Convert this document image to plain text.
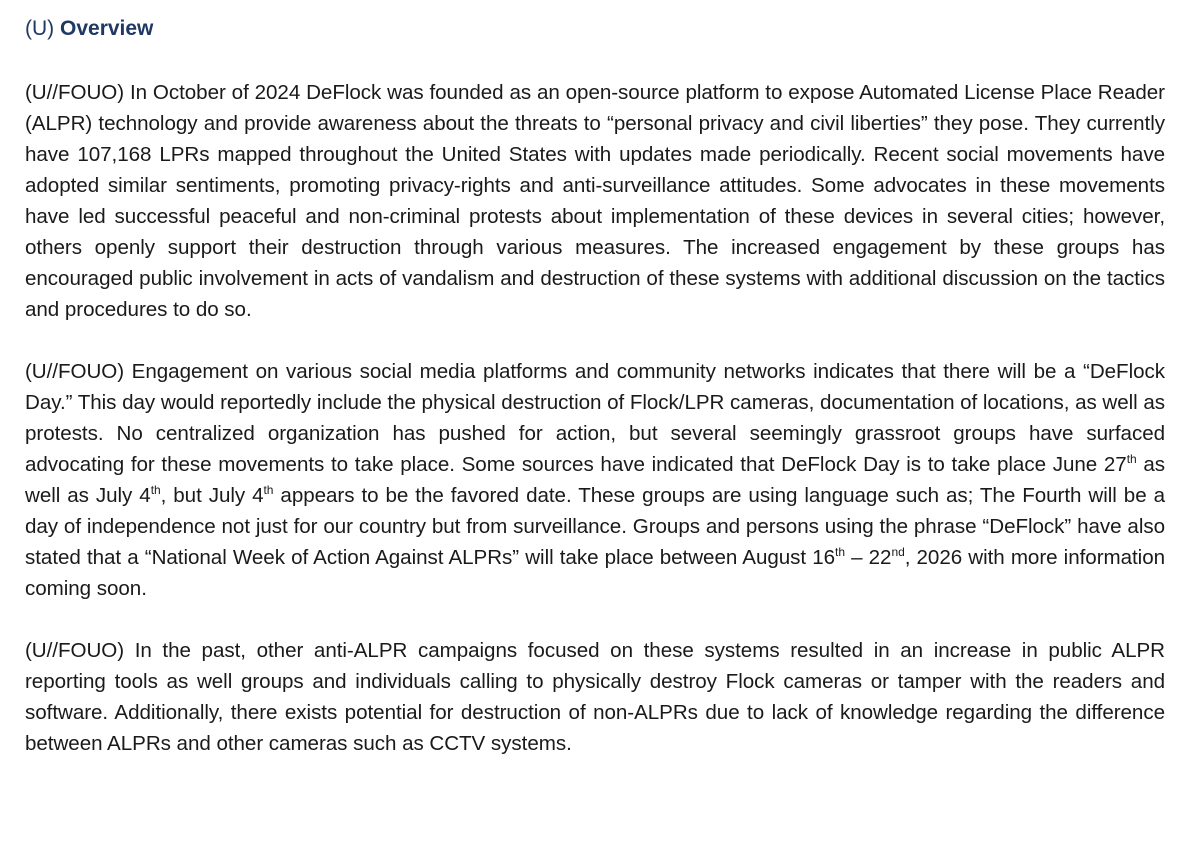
(U) Overview

(U//FOUO) In October of 2024 DeFlock was founded as an open-source platform to expose Automated License Place Reader (ALPR) technology and provide awareness about the threats to “personal privacy and civil liberties” they pose. They currently have 107,168 LPRs mapped throughout the United States with updates made periodically. Recent social movements have adopted similar sentiments, promoting privacy-rights and anti-surveillance attitudes. Some advocates in these movements have led successful peaceful and non-criminal protests about implementation of these devices in several cities; however, others openly support their destruction through various measures. The increased engagement by these groups has encouraged public involvement in acts of vandalism and destruction of these systems with additional discussion on the tactics and procedures to do so.

(U//FOUO) Engagement on various social media platforms and community networks indicates that there will be a “DeFlock Day.” This day would reportedly include the physical destruction of Flock/LPR cameras, documentation of locations, as well as protests. No centralized organization has pushed for action, but several seemingly grassroot groups have surfaced advocating for these movements to take place. Some sources have indicated that DeFlock Day is to take place June 27th as well as July 4th, but July 4th appears to be the favored date. These groups are using language such as; The Fourth will be a day of independence not just for our country but from surveillance. Groups and persons using the phrase “DeFlock” have also stated that a “National Week of Action Against ALPRs” will take place between August 16th – 22nd, 2026 with more information coming soon.

(U//FOUO) In the past, other anti-ALPR campaigns focused on these systems resulted in an increase in public ALPR reporting tools as well groups and individuals calling to physically destroy Flock cameras or tamper with the readers and software. Additionally, there exists potential for destruction of non-ALPRs due to lack of knowledge regarding the difference between ALPRs and other cameras such as CCTV systems.
